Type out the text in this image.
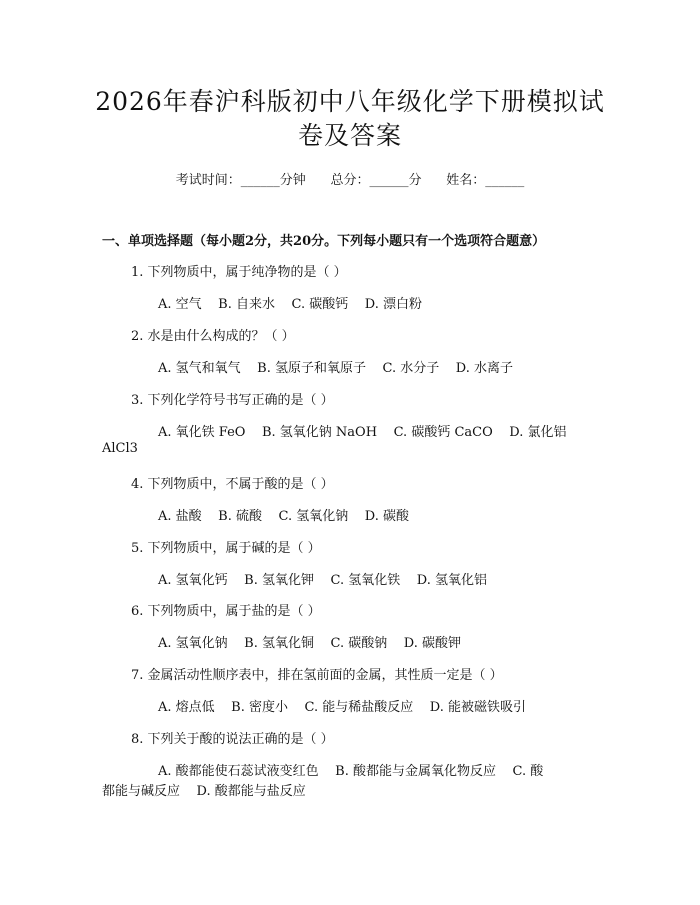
2026年春沪科版初中八年级化学下册模拟试
卷及答案
考试时间：______分钟      总分：______分      姓名：______
一、单项选择题（每小题2分，共20分。下列每小题只有一个选项符合题意）
1. 下列物质中，属于纯净物的是（ ）
A. 空气    B. 自来水    C. 碳酸钙    D. 漂白粉
2. 水是由什么构成的？（ ）
A. 氢气和氧气    B. 氢原子和氧原子    C. 水分子    D. 水离子
3. 下列化学符号书写正确的是（ ）
A. 氧化铁 FeO    B. 氢氧化钠 NaOH    C. 碳酸钙 CaCO    D. 氯化铝
AlCl3
4. 下列物质中，不属于酸的是（ ）
A. 盐酸    B. 硫酸    C. 氢氧化钠    D. 碳酸
5. 下列物质中，属于碱的是（ ）
A. 氢氧化钙    B. 氢氧化钾    C. 氢氧化铁    D. 氢氧化铝
6. 下列物质中，属于盐的是（ ）
A. 氢氧化钠    B. 氢氧化铜    C. 碳酸钠    D. 碳酸钾
7. 金属活动性顺序表中，排在氢前面的金属，其性质一定是（ ）
A. 熔点低    B. 密度小    C. 能与稀盐酸反应    D. 能被磁铁吸引
8. 下列关于酸的说法正确的是（ ）
A. 酸都能使石蕊试液变红色    B. 酸都能与金属氧化物反应    C. 酸
都能与碱反应    D. 酸都能与盐反应
